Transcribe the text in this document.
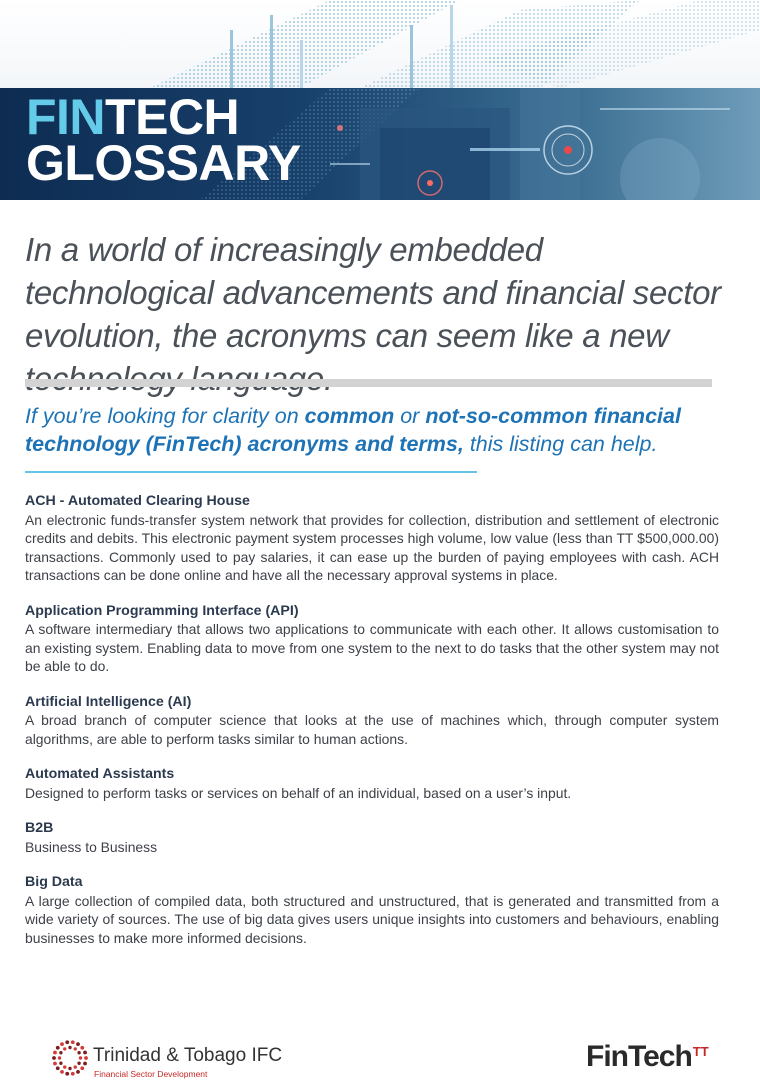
FINTECH
GLOSSARY

In a world of increasingly embedded technological advancements and financial sector evolution, the acronyms can seem like a new

If you’re looking for clarity on common or not-so-common financial technology (FinTech) acronyms and terms, this listing can help.

ACH - Automated Clearing House

An electronic funds-transfer system network that provides for collection, distribution and settlement of electronic credits and debits. This electronic payment system processes high volume, low value (less than TT $500,000.00) transactions. Commonly used to pay salaries, it can ease up the burden of paying employees with cash. ACH transactions can be done online and have all the necessary approval systems in place.

Application Programming Interface (API)

A software intermediary that allows two applications to communicate with each other. It allows customisation to an existing system. Enabling data to move from one system to the next to do tasks that the other system may not be able to do.

Artificial Intelligence (AI)

A broad branch of computer science that looks at the use of machines which, through computer system algorithms, are able to perform tasks similar to human actions.

Automated Assistants

Designed to perform tasks or services on behalf of an individual, based on a user’s input.

B2B

Business to Business

Big Data

A large collection of compiled data, both structured and unstructured, that is generated and transmitted from a wide variety of sources. The use of big data gives users unique insights into customers and behaviours, enabling businesses to make more informed decisions.

Trinidad & Tobago IFC
Financial Sector Development
FinTech$^{TT}$
